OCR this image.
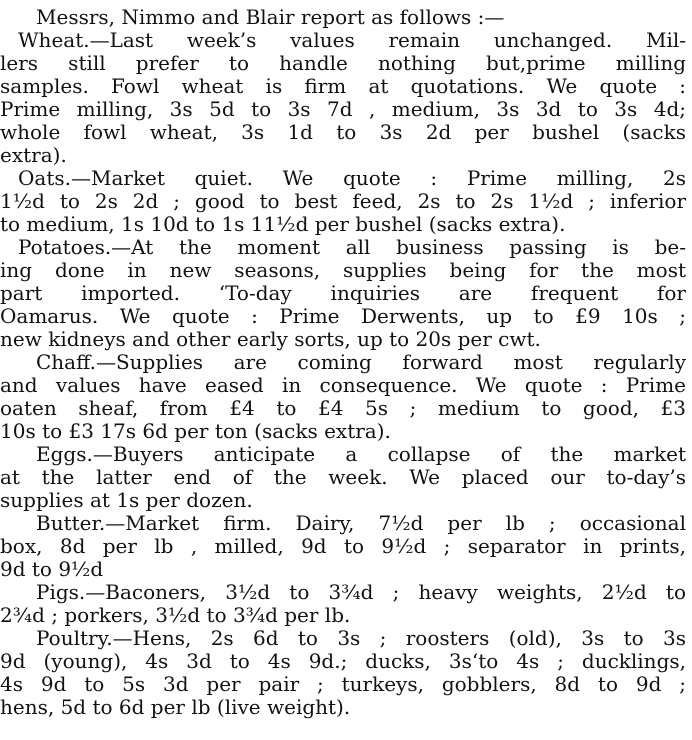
Messrs, Nimmo and Blair report as follows :—
Wheat.—Last week’s values remain unchanged. Mil-
lers still prefer to handle nothing but,prime milling
samples. Fowl wheat is firm at quotations. We quote :
Prime milling, 3s 5d to 3s 7d , medium, 3s 3d to 3s 4d;
whole fowl wheat, 3s 1d to 3s 2d per bushel (sacks
extra).
Oats.—Market quiet. We quote : Prime milling, 2s
1½d to 2s 2d ; good to best feed, 2s to 2s 1½d ; inferior
to medium, 1s 10d to 1s 11½d per bushel (sacks extra).
Potatoes.—At the moment all business passing is be-
ing done in new seasons, supplies being for the most
part imported. ‘To-day inquiries are frequent for
Oamarus. We quote : Prime Derwents, up to £9 10s ;
new kidneys and other early sorts, up to 20s per cwt.
Chaff.—Supplies are coming forward most regularly
and values have eased in consequence. We quote : Prime
oaten sheaf, from £4 to £4 5s ; medium to good, £3
10s to £3 17s 6d per ton (sacks extra).
Eggs.—Buyers anticipate a collapse of the market
at the latter end of the week. We placed our to-day’s
supplies at 1s per dozen.
Butter.—Market firm. Dairy, 7½d per lb ; occasional
box, 8d per lb , milled, 9d to 9½d ; separator in prints,
9d to 9½d
Pigs.—Baconers, 3½d to 3¾d ; heavy weights, 2½d to
2¾d ; porkers, 3½d to 3¾d per lb.
Poultry.—Hens, 2s 6d to 3s ; roosters (old), 3s to 3s
9d (young), 4s 3d to 4s 9d.; ducks, 3s‘to 4s ; ducklings,
4s 9d to 5s 3d per pair ; turkeys, gobblers, 8d to 9d ;
hens, 5d to 6d per lb (live weight).
